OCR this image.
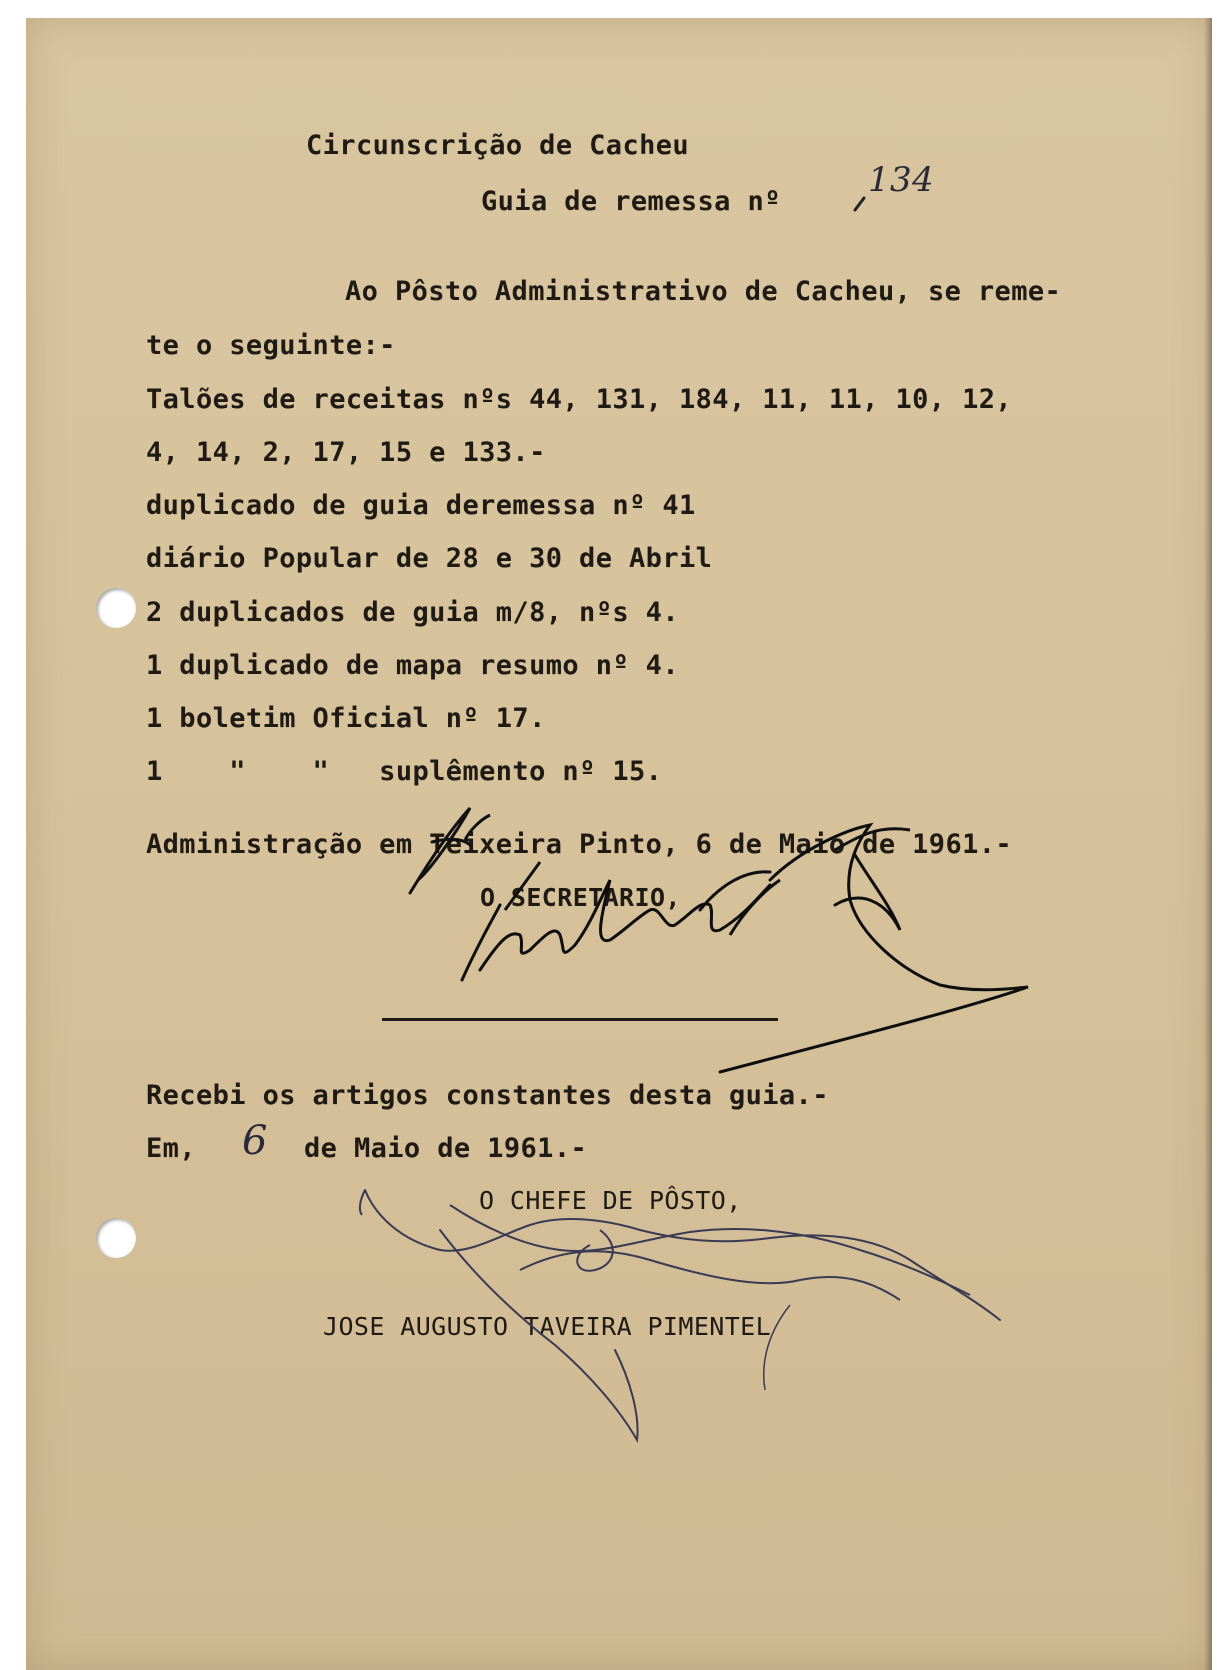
Circunscrição de Cacheu
Guia de remessa nº
134
Ao Pôsto Administrativo de Cacheu, se reme-
te o seguinte:-
Talões de receitas nºs 44, 131, 184, 11, 11, 10, 12,
4, 14, 2, 17, 15 e 133.-
duplicado de guia deremessa nº 41
diário Popular de 28 e 30 de Abril
2 duplicados de guia m/8, nºs 4.
1 duplicado de mapa resumo nº 4.
1 boletim Oficial nº 17.
1    "    "   suplêmento nº 15.
Administração em Teixeira Pinto, 6 de Maio de 1961.-
O SECRETARIO,
Recebi os artigos constantes desta guia.-
Em, 6 de Maio de 1961.-
O CHEFE DE PÔSTO,
JOSE AUGUSTO TAVEIRA PIMENTEL
